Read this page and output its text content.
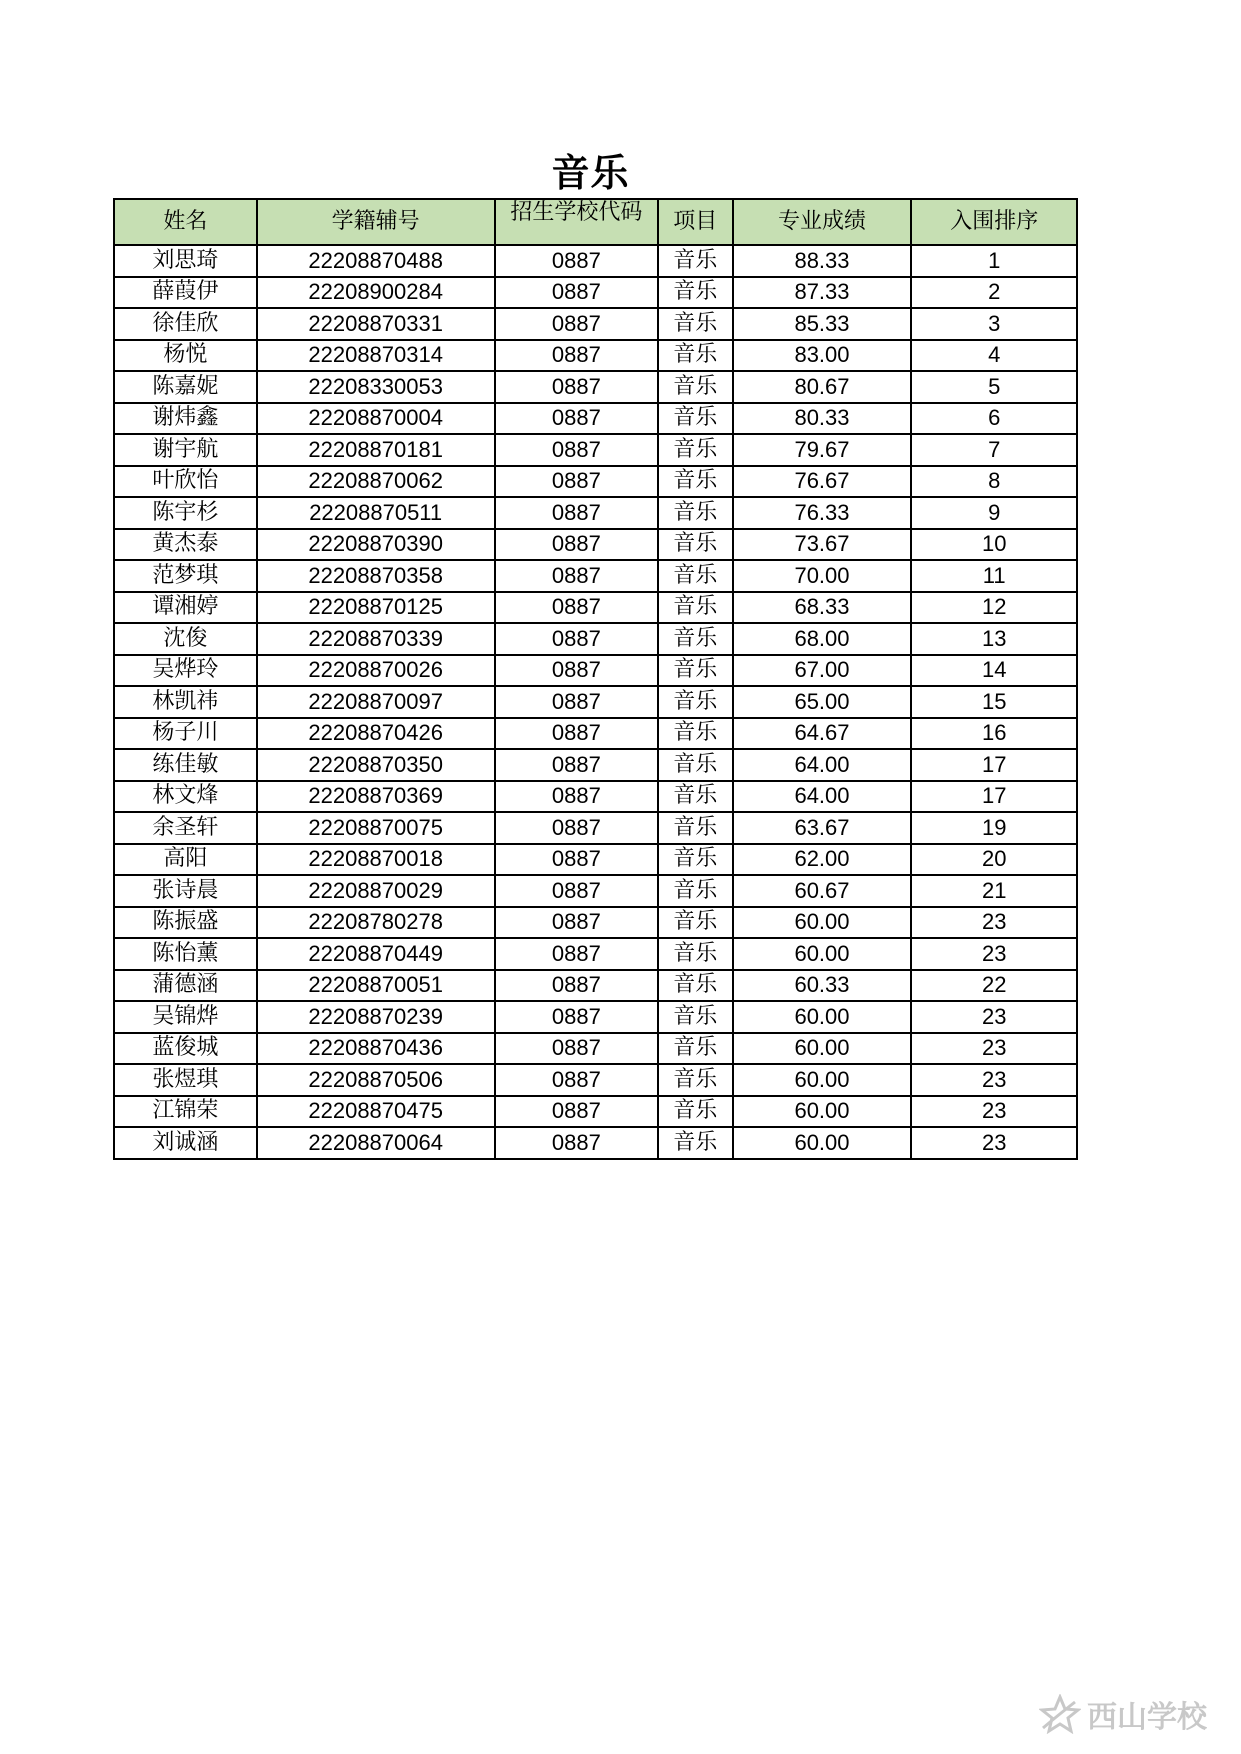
音乐
姓名	学籍辅号	招生学校代码	项目	专业成绩	入围排序
刘思琦	22208870488	0887	音乐	88.33	1
薛葭伊	22208900284	0887	音乐	87.33	2
徐佳欣	22208870331	0887	音乐	85.33	3
杨悦	22208870314	0887	音乐	83.00	4
陈嘉妮	22208330053	0887	音乐	80.67	5
谢炜鑫	22208870004	0887	音乐	80.33	6
谢宇航	22208870181	0887	音乐	79.67	7
叶欣怡	22208870062	0887	音乐	76.67	8
陈宇杉	22208870511	0887	音乐	76.33	9
黄杰泰	22208870390	0887	音乐	73.67	10
范梦琪	22208870358	0887	音乐	70.00	11
谭湘婷	22208870125	0887	音乐	68.33	12
沈俊	22208870339	0887	音乐	68.00	13
吴烨玲	22208870026	0887	音乐	67.00	14
林凯祎	22208870097	0887	音乐	65.00	15
杨子川	22208870426	0887	音乐	64.67	16
练佳敏	22208870350	0887	音乐	64.00	17
林文烽	22208870369	0887	音乐	64.00	17
余圣轩	22208870075	0887	音乐	63.67	19
高阳	22208870018	0887	音乐	62.00	20
张诗晨	22208870029	0887	音乐	60.67	21
陈振盛	22208780278	0887	音乐	60.00	23
陈怡薰	22208870449	0887	音乐	60.00	23
蒲德涵	22208870051	0887	音乐	60.33	22
吴锦烨	22208870239	0887	音乐	60.00	23
蓝俊城	22208870436	0887	音乐	60.00	23
张煜琪	22208870506	0887	音乐	60.00	23
江锦荣	22208870475	0887	音乐	60.00	23
刘诚涵	22208870064	0887	音乐	60.00	23
西山学校
